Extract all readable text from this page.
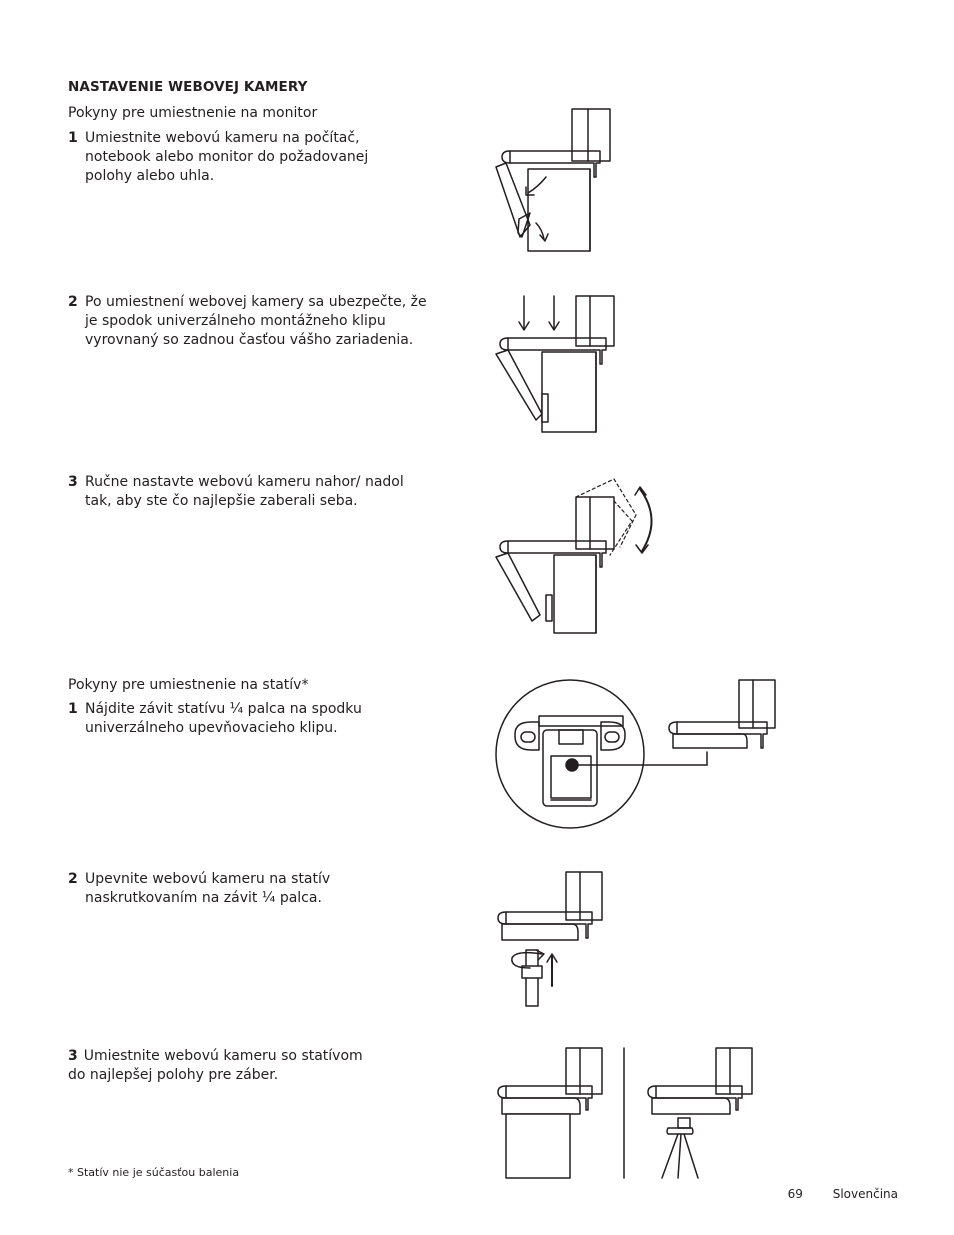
NASTAVENIE WEBOVEJ KAMERY
Pokyny pre umiestnenie na monitor
1 Umiestnite webovú kameru na počítač, notebook alebo monitor do požadovanej polohy alebo uhla.
2 Po umiestnení webovej kamery sa ubezpečte, že je spodok univerzálneho montážneho klipu vyrovnaný so zadnou časťou vášho zariadenia.
3 Ručne nastavte webovú kameru nahor/ nadol tak, aby ste čo najlepšie zaberali seba.
Pokyny pre umiestnenie na statív*
1 Nájdite závit statívu ¼ palca na spodku univerzálneho upevňovacieho klipu.
2 Upevnite webovú kameru na statív naskrutkovaním na závit ¼ palca.
3 Umiestnite webovú kameru so statívom do najlepšej polohy pre záber.
* Statív nie je súčasťou balenia
69 Slovenčina
